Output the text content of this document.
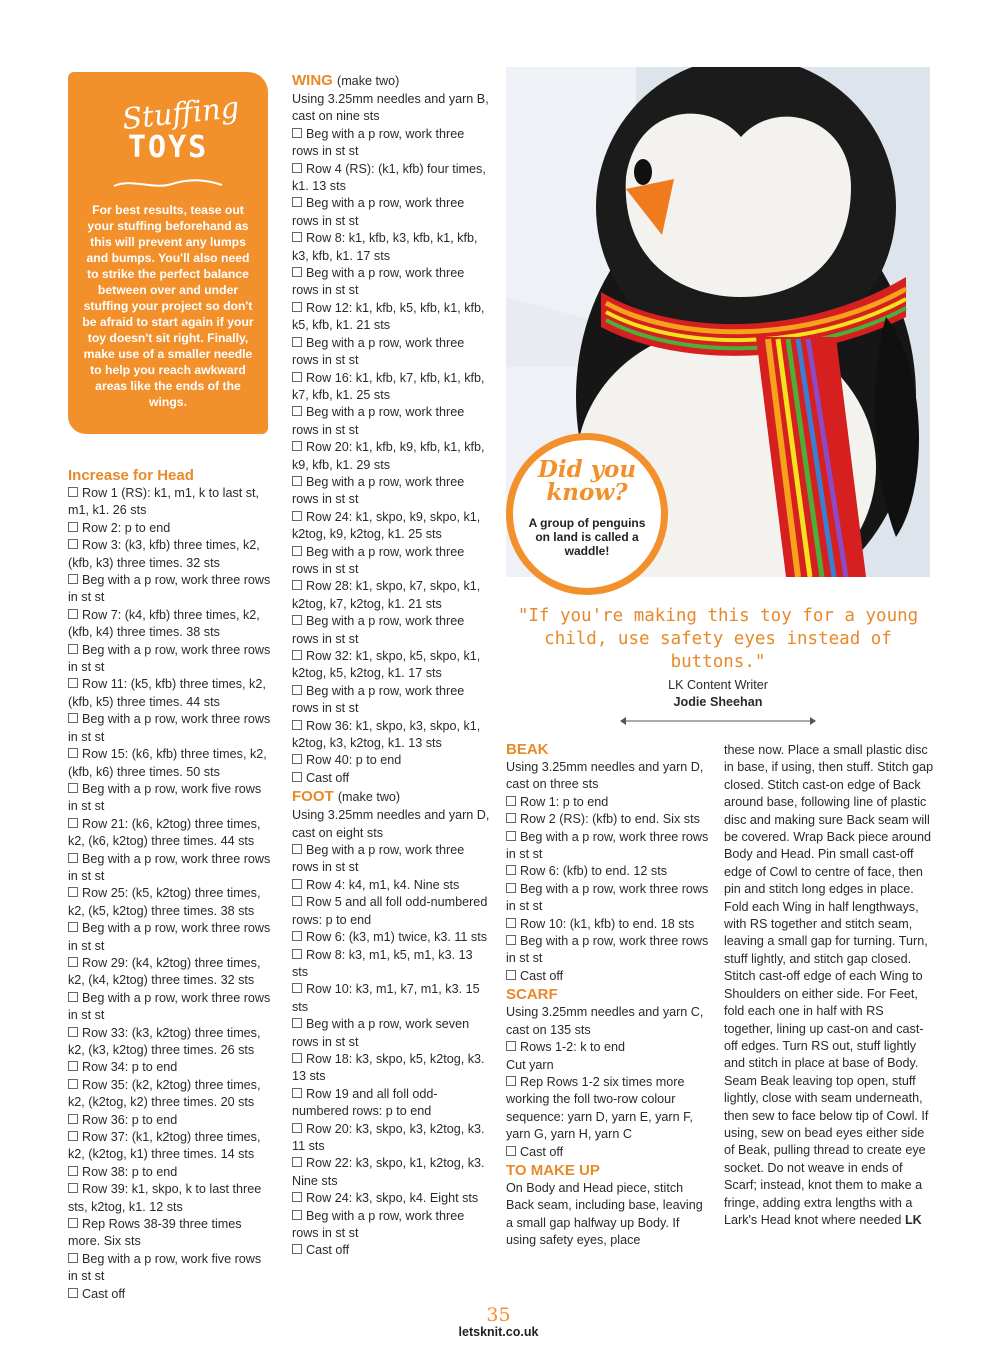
Stuffing
TOYS
For best results, tease out your stuffing beforehand as this will prevent any lumps and bumps. You'll also need to strike the perfect balance between over and under stuffing your project so don't be afraid to start again if your toy doesn't sit right. Finally, make use of a smaller needle to help you reach awkward areas like the ends of the wings.

Increase for Head

Row 1 (RS): k1, m1, k to last st, m1, k1. 26 sts

Row 2: p to end

Row 3: (k3, kfb) three times, k2, (kfb, k3) three times. 32 sts

Beg with a p row, work three rows in st st

Row 7: (k4, kfb) three times, k2, (kfb, k4) three times. 38 sts

Beg with a p row, work three rows in st st

Row 11: (k5, kfb) three times, k2, (kfb, k5) three times. 44 sts

Beg with a p row, work three rows in st st

Row 15: (k6, kfb) three times, k2, (kfb, k6) three times. 50 sts

Beg with a p row, work five rows in st st

Row 21: (k6, k2tog) three times, k2, (k6, k2tog) three times. 44 sts

Beg with a p row, work three rows in st st

Row 25: (k5, k2tog) three times, k2, (k5, k2tog) three times. 38 sts

Beg with a p row, work three rows in st st

Row 29: (k4, k2tog) three times, k2, (k4, k2tog) three times. 32 sts

Beg with a p row, work three rows in st st

Row 33: (k3, k2tog) three times, k2, (k3, k2tog) three times. 26 sts

Row 34: p to end

Row 35: (k2, k2tog) three times, k2, (k2tog, k2) three times. 20 sts

Row 36: p to end

Row 37: (k1, k2tog) three times, k2, (k2tog, k1) three times. 14 sts

Row 38: p to end

Row 39: k1, skpo, k to last three sts, k2tog, k1. 12 sts

Rep Rows 38-39 three times more. Six sts

Beg with a p row, work five rows in st st

Cast off

WING (make two)

Using 3.25mm needles and yarn B, cast on nine sts

Beg with a p row, work three rows in st st

Row 4 (RS): (k1, kfb) four times, k1. 13 sts

Beg with a p row, work three rows in st st

Row 8: k1, kfb, k3, kfb, k1, kfb, k3, kfb, k1. 17 sts

Beg with a p row, work three rows in st st

Row 12: k1, kfb, k5, kfb, k1, kfb, k5, kfb, k1. 21 sts

Beg with a p row, work three rows in st st

Row 16: k1, kfb, k7, kfb, k1, kfb, k7, kfb, k1. 25 sts

Beg with a p row, work three rows in st st

Row 20: k1, kfb, k9, kfb, k1, kfb, k9, kfb, k1. 29 sts

Beg with a p row, work three rows in st st

Row 24: k1, skpo, k9, skpo, k1, k2tog, k9, k2tog, k1. 25 sts

Beg with a p row, work three rows in st st

Row 28: k1, skpo, k7, skpo, k1, k2tog, k7, k2tog, k1. 21 sts

Beg with a p row, work three rows in st st

Row 32: k1, skpo, k5, skpo, k1, k2tog, k5, k2tog, k1. 17 sts

Beg with a p row, work three rows in st st

Row 36: k1, skpo, k3, skpo, k1, k2tog, k3, k2tog, k1. 13 sts

Row 40: p to end

Cast off

FOOT (make two)

Using 3.25mm needles and yarn D, cast on eight sts

Beg with a p row, work three rows in st st

Row 4: k4, m1, k4. Nine sts

Row 5 and all foll odd-numbered rows: p to end

Row 6: (k3, m1) twice, k3. 11 sts

Row 8: k3, m1, k5, m1, k3. 13 sts

Row 10: k3, m1, k7, m1, k3. 15 sts

Beg with a p row, work seven rows in st st

Row 18: k3, skpo, k5, k2tog, k3. 13 sts

Row 19 and all foll odd-numbered rows: p to end

Row 20: k3, skpo, k3, k2tog, k3. 11 sts

Row 22: k3, skpo, k1, k2tog, k3. Nine sts

Row 24: k3, skpo, k4. Eight sts

Beg with a p row, work three rows in st st

Cast off

Did you know?
A group of penguins on land is called a waddle!
"If you're making this toy for a young child, use safety eyes instead of buttons."
LK Content Writer
Jodie Sheehan

BEAK

Using 3.25mm needles and yarn D, cast on three sts

Row 1: p to end

Row 2 (RS): (kfb) to end. Six sts

Beg with a p row, work three rows in st st

Row 6: (kfb) to end. 12 sts

Beg with a p row, work three rows in st st

Row 10: (k1, kfb) to end. 18 sts

Beg with a p row, work three rows in st st

Cast off

SCARF

Using 3.25mm needles and yarn C, cast on 135 sts

Rows 1-2: k to end

Cut yarn

Rep Rows 1-2 six times more working the foll two-row colour sequence: yarn D, yarn E, yarn F, yarn G, yarn H, yarn C

Cast off

TO MAKE UP

On Body and Head piece, stitch Back seam, including base, leaving a small gap halfway up Body. If using safety eyes, place

these now. Place a small plastic disc in base, if using, then stuff. Stitch gap closed. Stitch cast-on edge of Back around base, following line of plastic disc and making sure Back seam will be covered. Wrap Back piece around Body and Head. Pin small cast-off edge of Cowl to centre of face, then pin and stitch long edges in place. Fold each Wing in half lengthways, with RS together and stitch seam, leaving a small gap for turning. Turn, stuff lightly, and stitch gap closed. Stitch cast-off edge of each Wing to Shoulders on either side. For Feet, fold each one in half with RS together, lining up cast-on and cast-off edges. Turn RS out, stuff lightly and stitch in place at base of Body. Seam Beak leaving top open, stuff lightly, close with seam underneath, then sew to face below tip of Cowl. If using, sew on bead eyes either side of Beak, pulling thread to create eye socket. Do not weave in ends of Scarf; instead, knot them to make a fringe, adding extra lengths with a Lark's Head knot where needed LK

35
letsknit.co.uk
